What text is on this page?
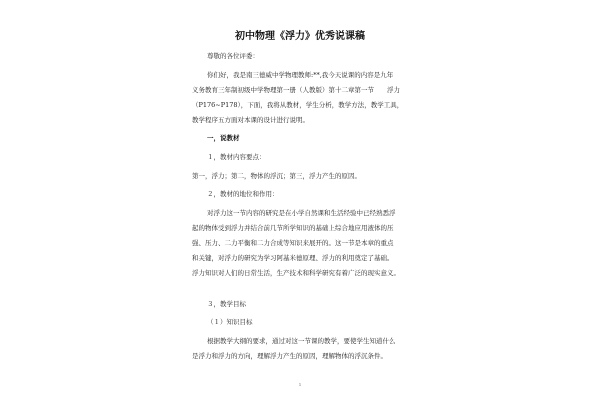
初中物理《浮力》优秀说课稿
尊敬的各位评委：
你们好，我是南三德威中学物理教师:**,我今天说课的内容是九年
义务教育三年制初级中学物理第一册（人教版）第十二章第一节　　浮力
（P176~P178），下面，我将从教材，学生分析，教学方法，教学工具，
教学程序五方面对本课的设计进行说明。
一，说教材
１，教材内容要点：
第一，浮力；第二，物体的浮沉；第三，浮力产生的原因。
２，教材的地位和作用：
对浮力这一节内容的研究是在小学自然课和生活经验中已经熟悉浮
起的物体受到浮力并结合前几节所学知识的基础上综合地应用液体的压
强、压力、二力平衡和二力合成等知识来展开的。这一节是本章的重点
和关键，对浮力的研究为学习阿基米德原理、浮力的利用奠定了基础。
浮力知识对人们的日常生活，生产技术和科学研究有着广泛的现实意义。
３，教学目标
（１）知识目标
根据教学大纲的要求，通过对这一节课的教学，要使学生知道什么
是浮力和浮力的方向，理解浮力产生的原因，理解物体的浮沉条件。
1
